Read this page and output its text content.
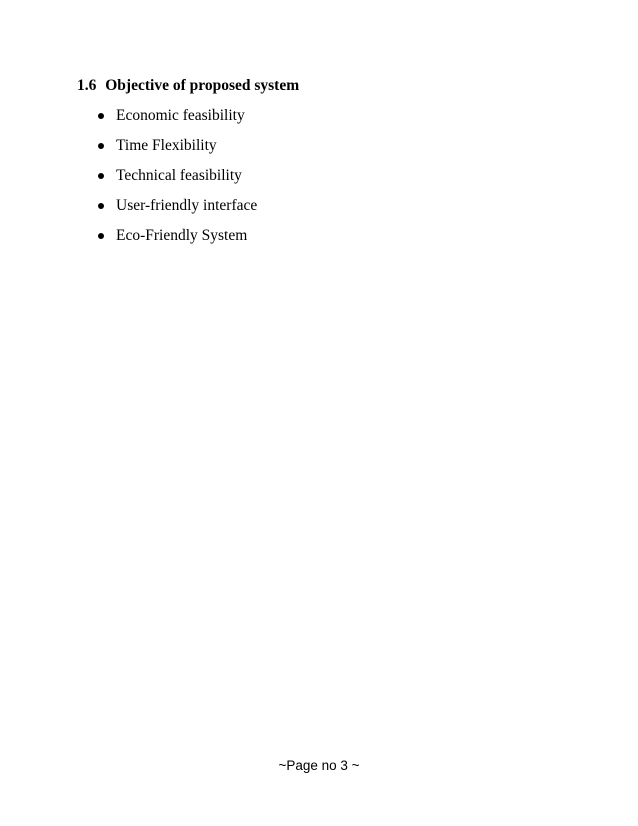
1.6 Objective of proposed system
Economic feasibility
Time Flexibility
Technical feasibility
User-friendly interface
Eco-Friendly System
~Page no 3 ~
